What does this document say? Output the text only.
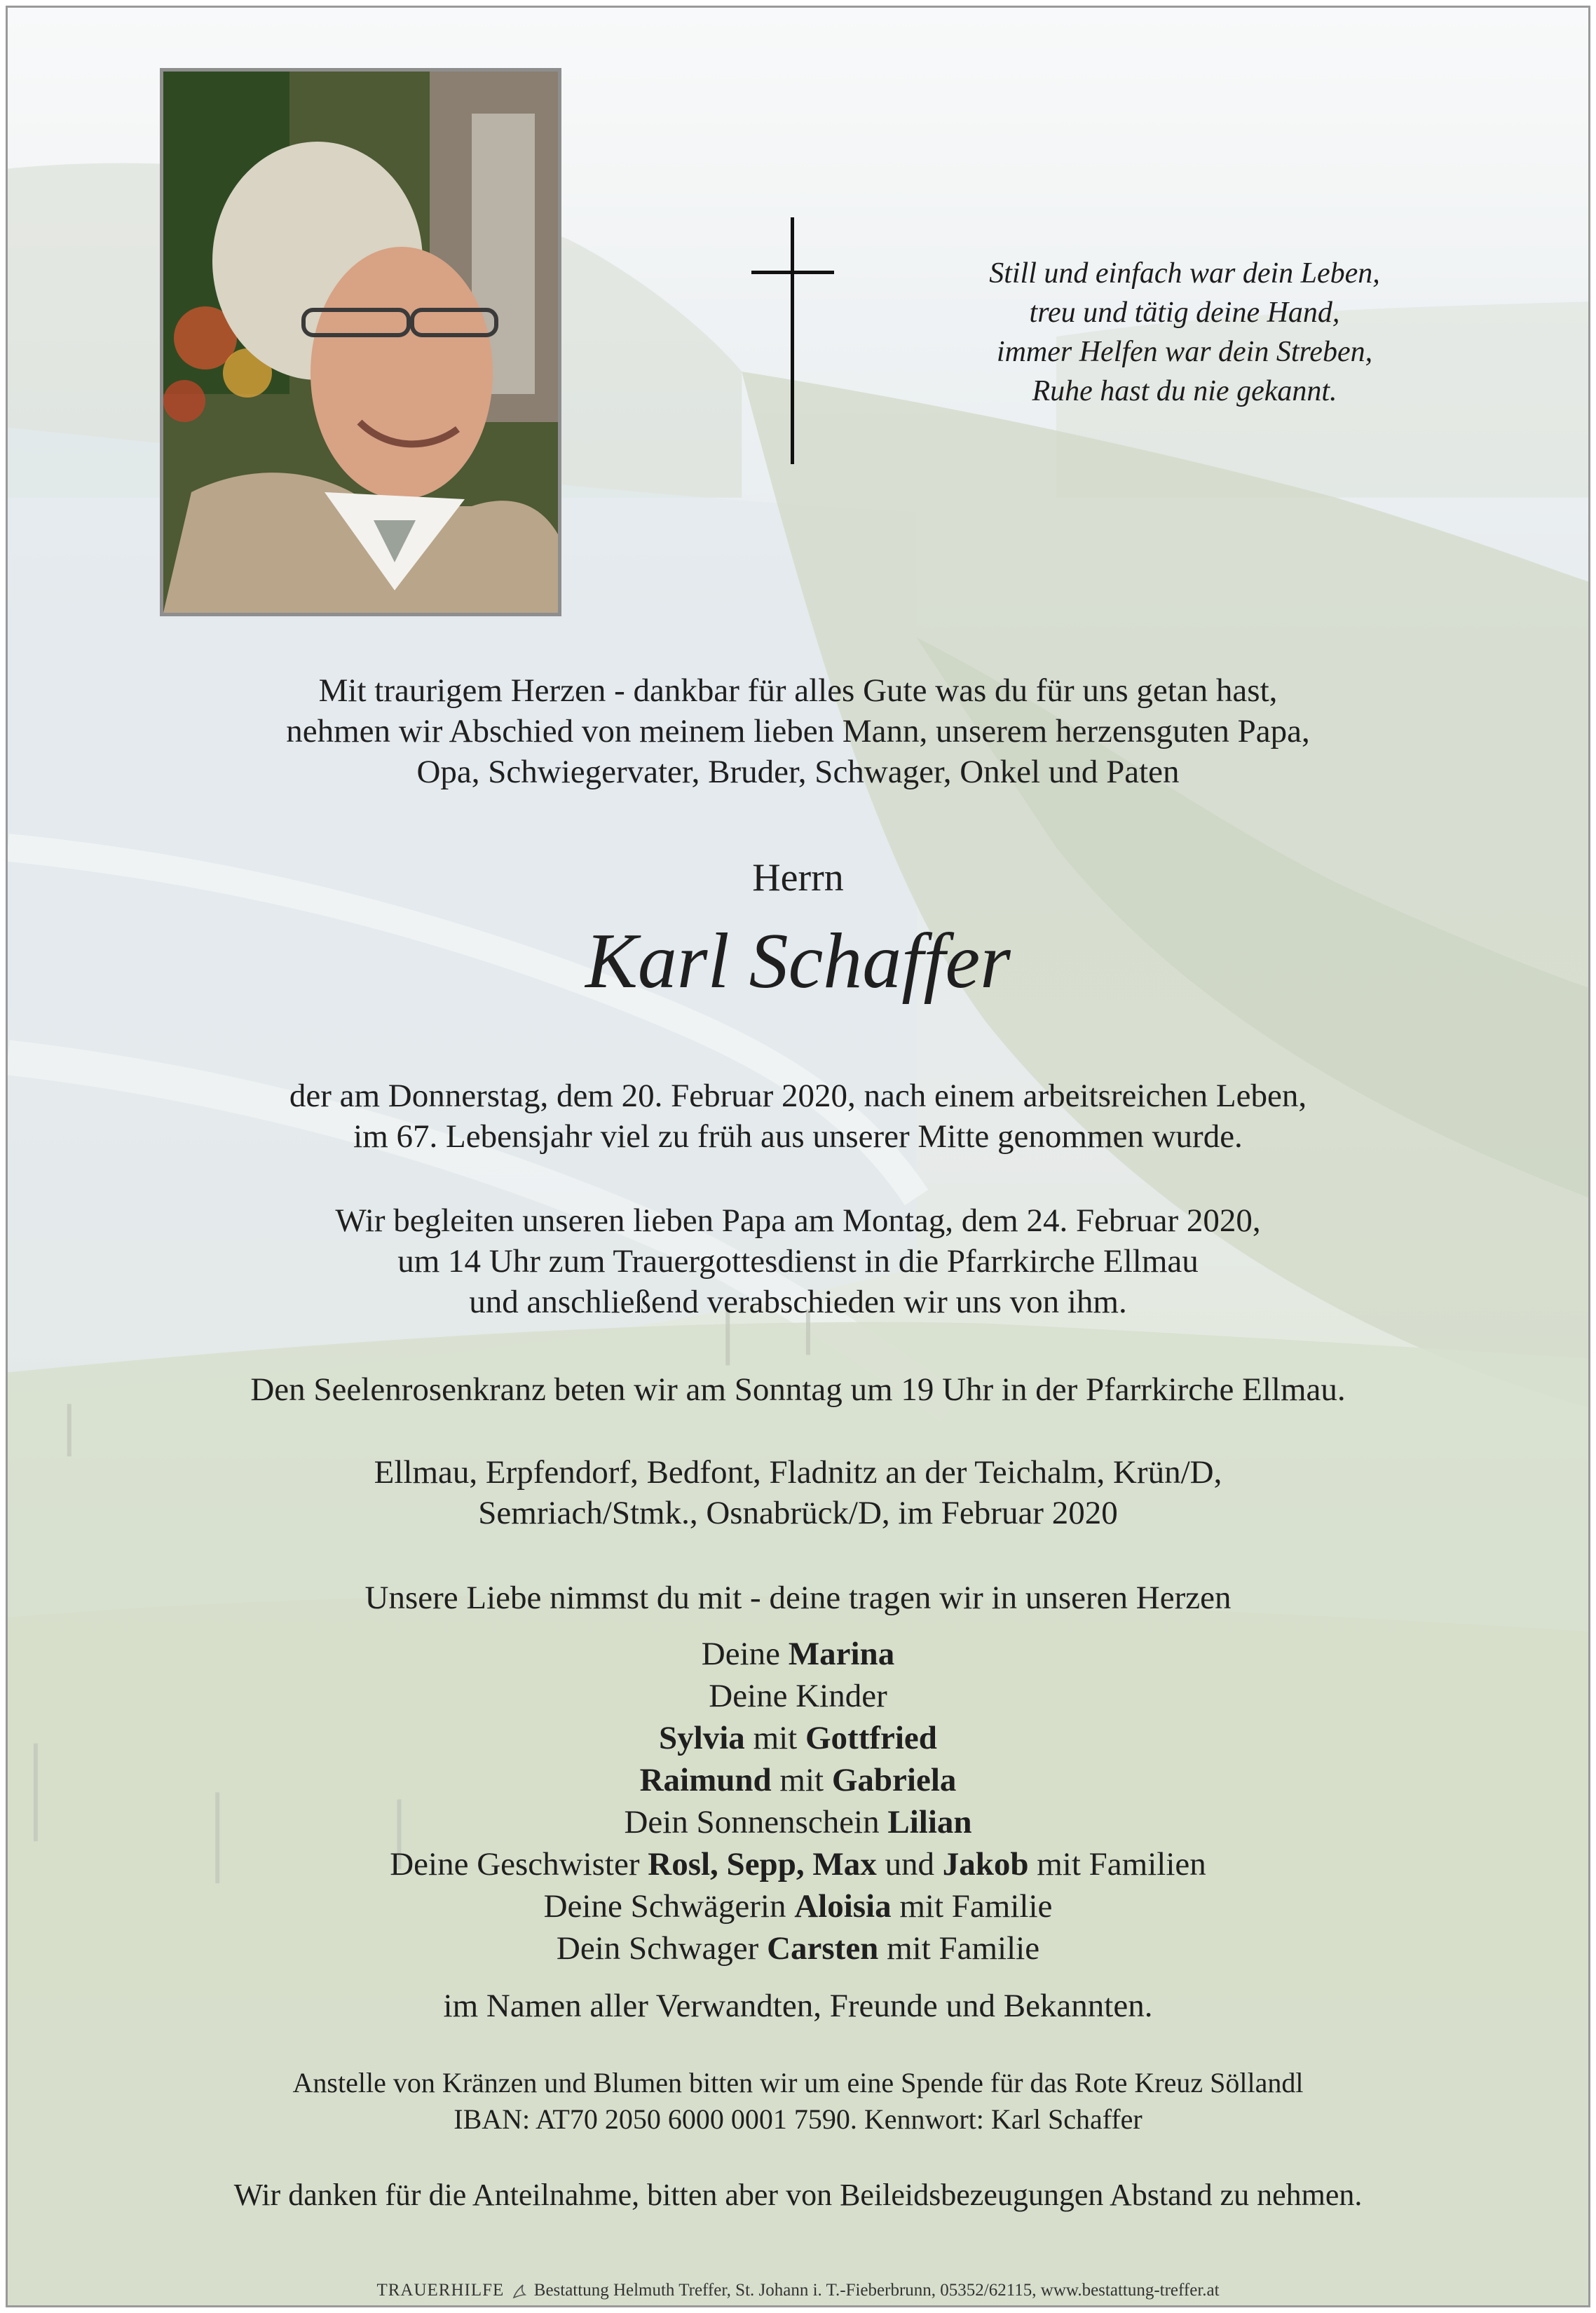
Still und einfach war dein Leben,
treu und tätig deine Hand,
immer Helfen war dein Streben,
Ruhe hast du nie gekannt.
Mit traurigem Herzen - dankbar für alles Gute was du für uns getan hast,
nehmen wir Abschied von meinem lieben Mann, unserem herzensguten Papa,
Opa, Schwiegervater, Bruder, Schwager, Onkel und Paten
Herrn
Karl Schaffer
der am Donnerstag, dem 20. Februar 2020, nach einem arbeitsreichen Leben,
im 67. Lebensjahr viel zu früh aus unserer Mitte genommen wurde.
Wir begleiten unseren lieben Papa am Montag, dem 24. Februar 2020,
um 14 Uhr zum Trauergottesdienst in die Pfarrkirche Ellmau
und anschließend verabschieden wir uns von ihm.
Den Seelenrosenkranz beten wir am Sonntag um 19 Uhr in der Pfarrkirche Ellmau.
Ellmau, Erpfendorf, Bedfont, Fladnitz an der Teichalm, Krün/D,
Semriach/Stmk., Osnabrück/D, im Februar 2020
Unsere Liebe nimmst du mit - deine tragen wir in unseren Herzen
Deine Marina
Deine Kinder
Sylvia mit Gottfried
Raimund mit Gabriela
Dein Sonnenschein Lilian
Deine Geschwister Rosl, Sepp, Max und Jakob mit Familien
Deine Schwägerin Aloisia mit Familie
Dein Schwager Carsten mit Familie
im Namen aller Verwandten, Freunde und Bekannten.
Anstelle von Kränzen und Blumen bitten wir um eine Spende für das Rote Kreuz Söllandl
IBAN: AT70 2050 6000 0001 7590. Kennwort: Karl Schaffer
Wir danken für die Anteilnahme, bitten aber von Beileidsbezeugungen Abstand zu nehmen.
TRAUERHILFE Bestattung Helmuth Treffer, St. Johann i. T.-Fieberbrunn, 05352/62115, www.bestattung-treffer.at
